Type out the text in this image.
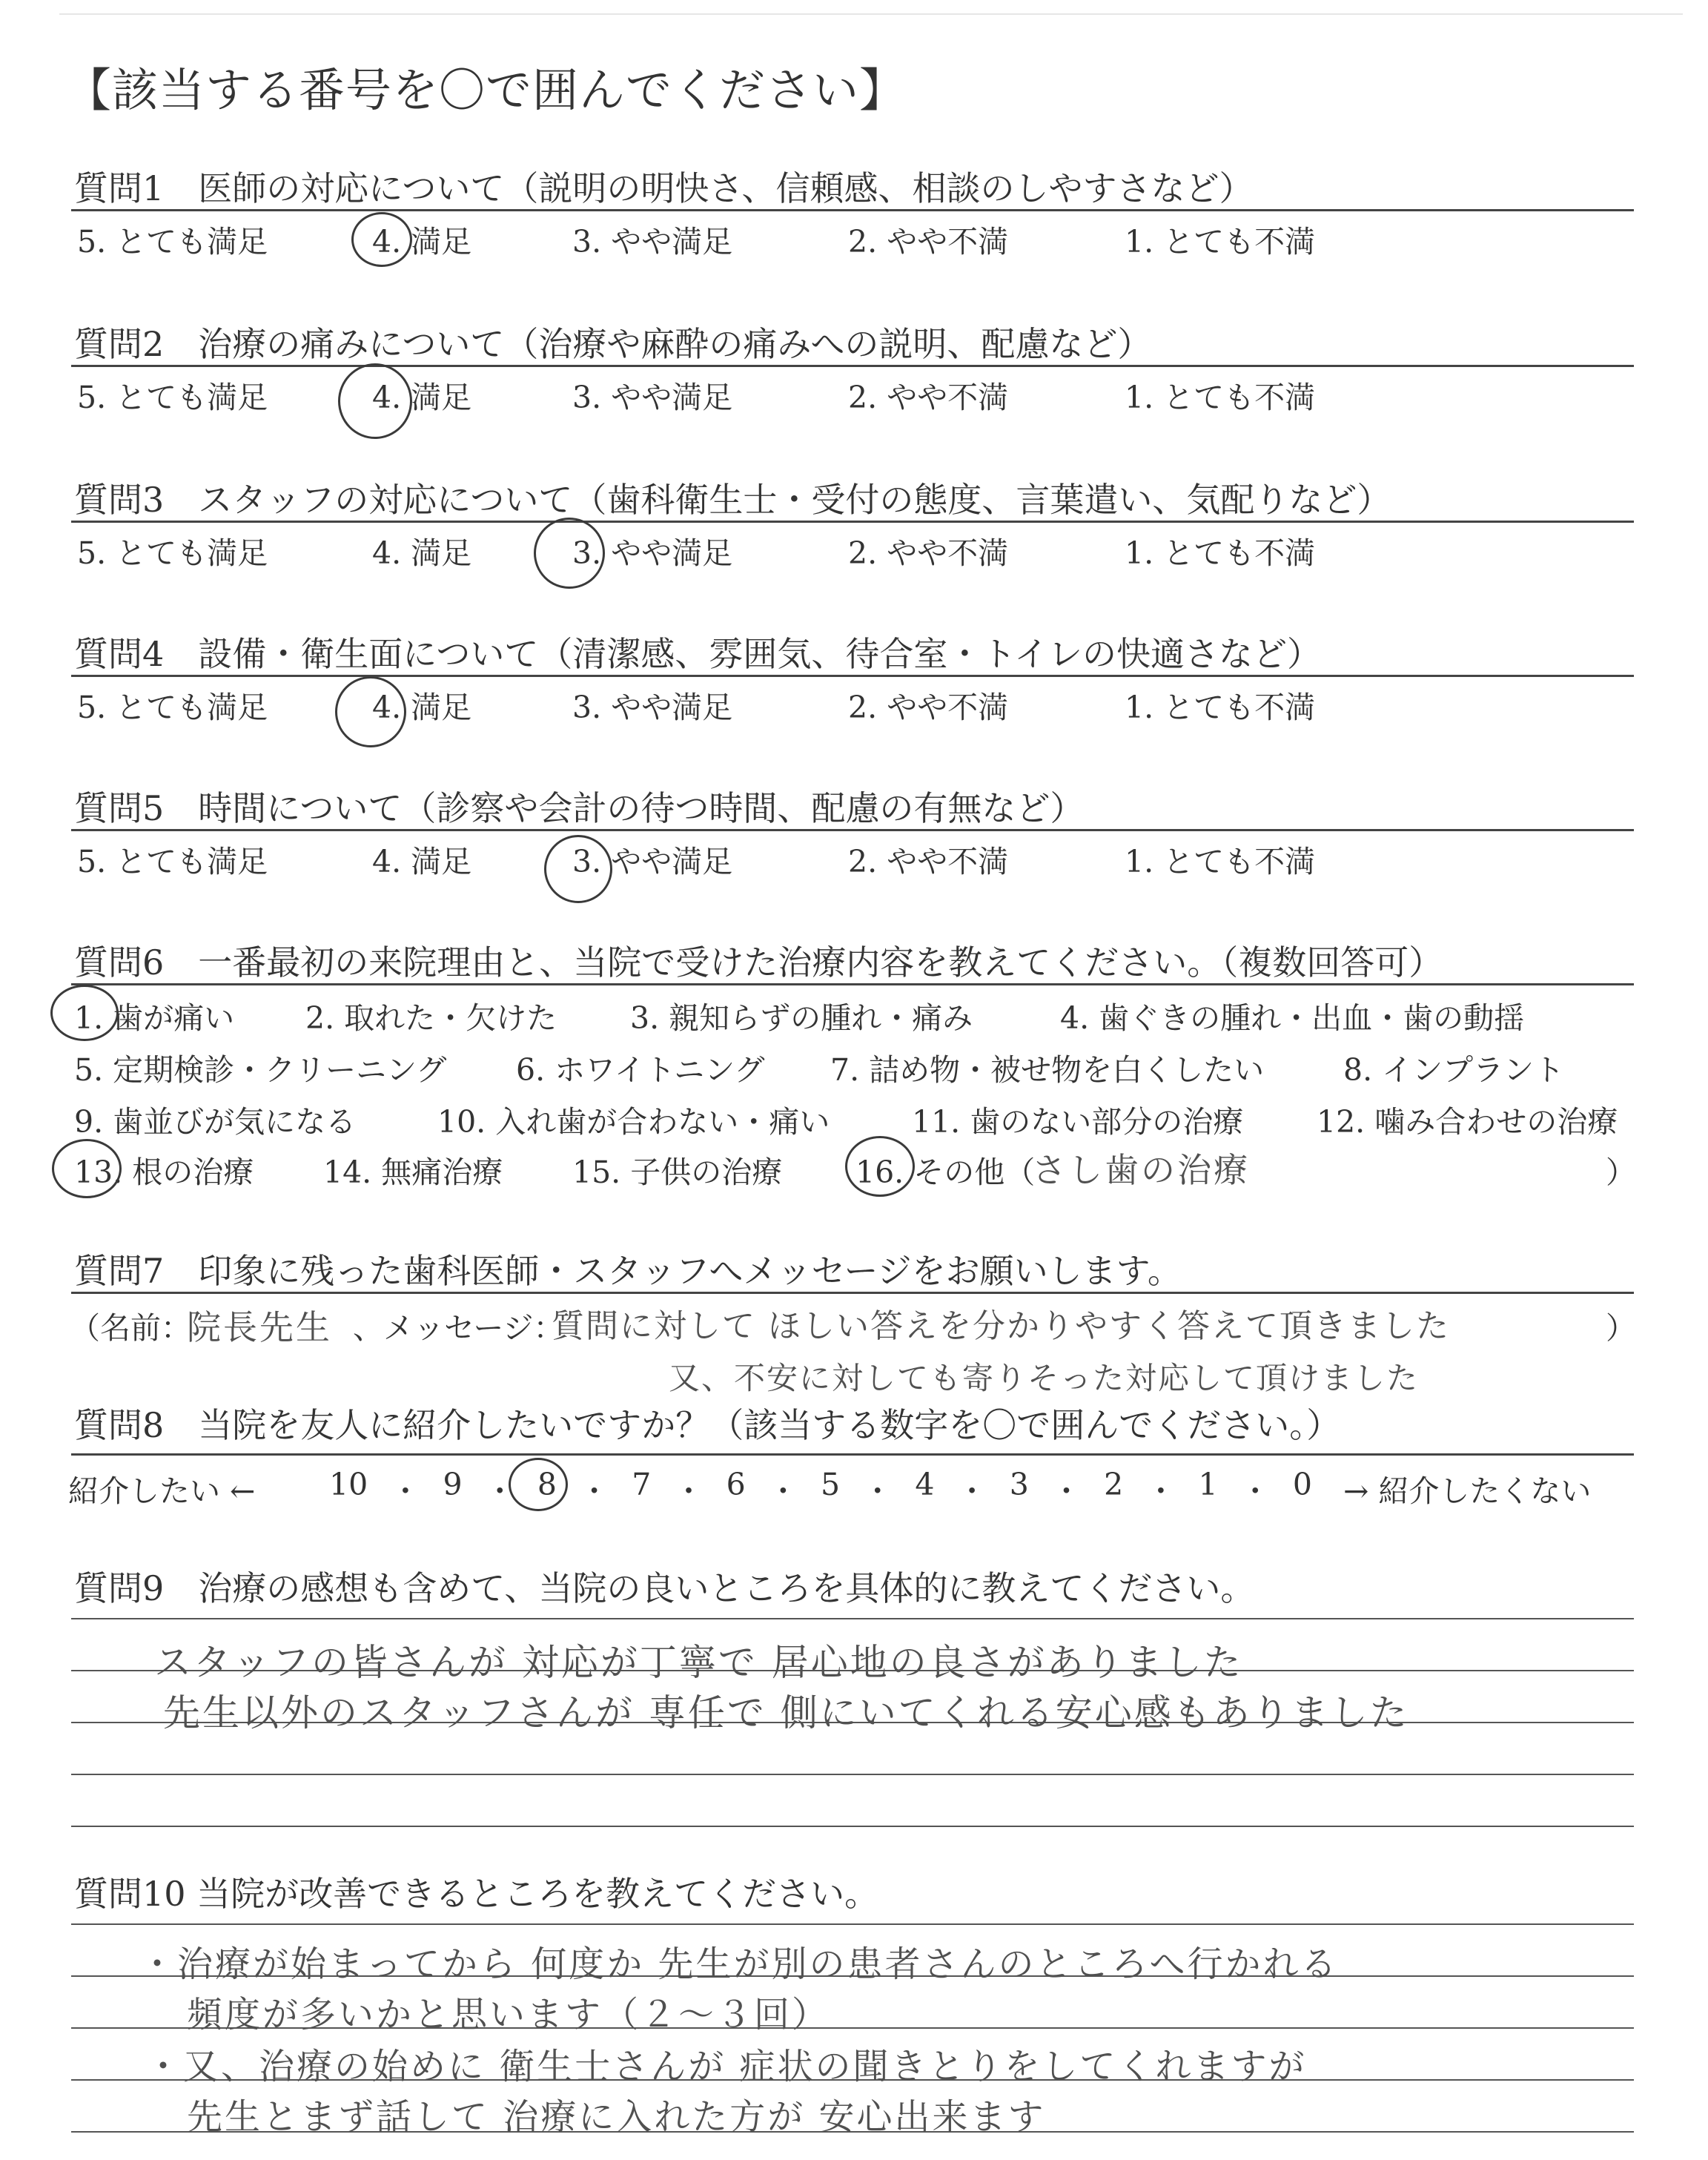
【該当する番号を〇で囲んでください】
質問1　医師の対応について（説明の明快さ、信頼感、相談のしやすさなど）
5. とても満足	4. 満足	3. やや満足	2. やや不満	1. とても不満
質問2　治療の痛みについて（治療や麻酔の痛みへの説明、配慮など）
5. とても満足	4. 満足	3. やや満足	2. やや不満	1. とても不満
質問3　スタッフの対応について（歯科衛生士・受付の態度、言葉遣い、気配りなど）
5. とても満足	4. 満足	3. やや満足	2. やや不満	1. とても不満
質問4　設備・衛生面について（清潔感、雰囲気、待合室・トイレの快適さなど）
5. とても満足	4. 満足	3. やや満足	2. やや不満	1. とても不満
質問5　時間について（診察や会計の待つ時間、配慮の有無など）
5. とても満足	4. 満足	3. やや満足	2. やや不満	1. とても不満
質問6　一番最初の来院理由と、当院で受けた治療内容を教えてください。（複数回答可）
1. 歯が痛い 2. 取れた・欠けた 3. 親知らずの腫れ・痛み	4. 歯ぐきの腫れ・出血・歯の動揺
5. 定期検診・クリーニング 6. ホワイトニング 7. 詰め物・被せ物を白くしたい	8. インプラント
9. 歯並びが気になる	10. 入れ歯が合わない・痛い	11. 歯のない部分の治療 12. 噛み合わせの治療
13. 根の治療 14. 無痛治療 15. 子供の治療 16. その他（
さし歯の治療	）
質問7　印象に残った歯科医師・スタッフへメッセージをお願いします。
（名前：
院長先生 、メッセージ：
質問に対して ほしい答えを分かりやすく答えて頂きました	）
又、不安に対しても寄りそった対応して頂けました
質問8　当院を友人に紹介したいですか？（該当する数字を〇で囲んでください。）
紹介したい ← 10 ・ 9 ・ 8 ・ 7 ・ 6 ・ 5 ・ 4 ・ 3 ・ 2 ・ 1 ・ 0 → 紹介したくない
質問9　治療の感想も含めて、当院の良いところを具体的に教えてください。
スタッフの皆さんが 対応が丁寧で 居心地の良さがありました
先生以外のスタッフさんが 専任で 側にいてくれる安心感もありました
質問10 当院が改善できるところを教えてください。
・治療が始まってから 何度か 先生が別の患者さんのところへ行かれる
頻度が多いかと思います（２～３回）
・又、治療の始めに 衛生士さんが 症状の聞きとりをしてくれますが
先生とまず話して 治療に入れた方が 安心出来ます
